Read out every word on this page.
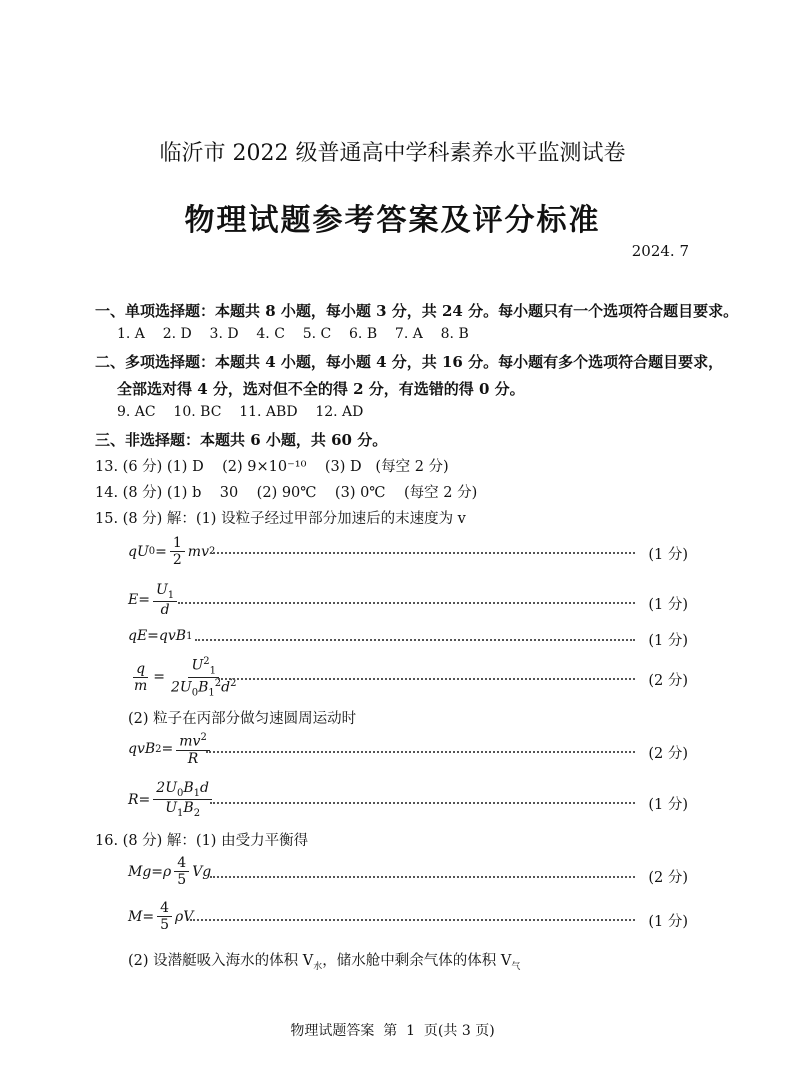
临沂市 2022 级普通高中学科素养水平监测试卷
物理试题参考答案及评分标准
2024. 7
一、单项选择题：本题共 8 小题，每小题 3 分，共 24 分。每小题只有一个选项符合题目要求。
1. A    2. D    3. D    4. C    5. C    6. B    7. A    8. B
二、多项选择题：本题共 4 小题，每小题 4 分，共 16 分。每小题有多个选项符合题目要求，
全部选对得 4 分，选对但不全的得 2 分，有选错的得 0 分。
9. AC    10. BC    11. ABD    12. AD
三、非选择题：本题共 6 小题，共 60 分。
13. (6 分) (1) D    (2) 9×10⁻¹⁰    (3) D   (每空 2 分)
14. (8 分) (1) b    30    (2) 90℃    (3) 0℃    (每空 2 分)
15. (8 分) 解：(1) 设粒子经过甲部分加速后的末速度为 v
qU $0 = \frac{1}{2}$ mv 2	(1 分)
$E = \frac{U_1}{d}$	(1 分)
qE=qvB 1	(1 分)
$\frac{q}{m} = \frac{U^2_1}{2U_0B_1^2d^2}$	(2 分)
(2) 粒子在丙部分做匀速圆周运动时
qvB $2 = \frac{mv^2}{R}$	(2 分)
$R = \frac{2U_0B_1d}{U_1B_2}$	(1 分)
16. (8 分) 解：(1) 由受力平衡得
$Mg=\rho \frac{4}{5}$ Vg	(2 分)
$M= \frac{4}{5}$ ρV	(1 分)
(2) 设潜艇吸入海水的体积 $V_水$，储水舱中剩余气体的体积 $V_气$
物理试题答案  第  1  页(共 3 页)
